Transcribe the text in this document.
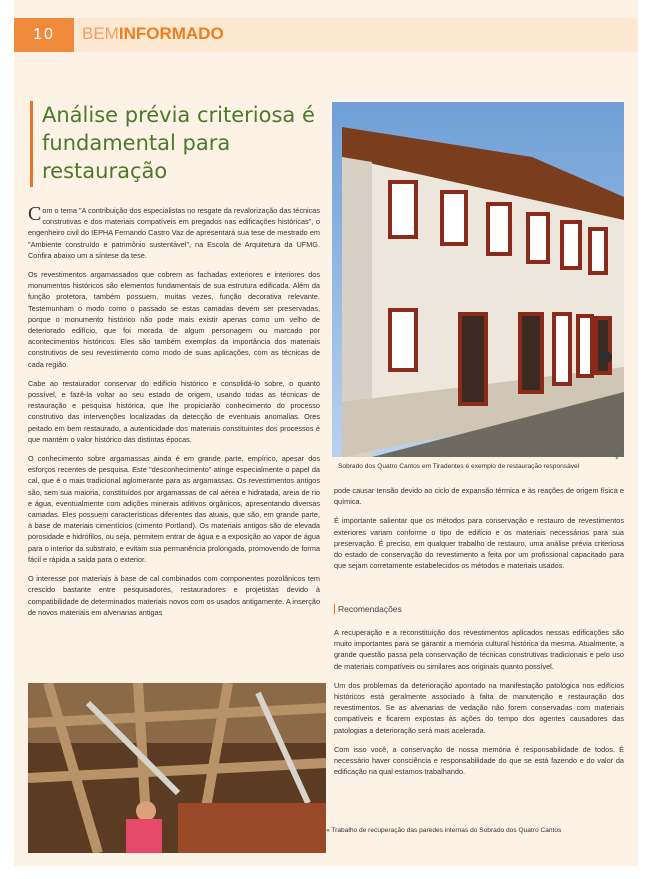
10	BEMINFORMADO
Análise prévia criteriosa é fundamental para restauração
⇑
Sobrado dos Quatro Cantos em Tiradentes é exemplo de restauração responsável

Com o tema "A contribuição dos especialistas no resgate da revalorização das técnicas construtivas e dos materiais compatíveis em pregados nas edificações históricas", o engenheiro civil do IEPHA Fernando Castro Vaz de apresentará sua tese de mestrado em "Ambiente construído e patrimônio sustentável", na Escola de Arquitetura da UFMG. Confira abaixo um a síntese da tese.

Os revestimentos argamassados que cobrem as fachadas exteriores e interiores dos monumentos históricos são elementos fundamentais de sua estrutura edificada. Além da função protetora, também possuem, muitas vezes, função decorativa relevante. Testemunham o modo como o passado se estas camadas devem ser preservadas, porque o monumento histórico não pode mais existir apenas como um velho de deteriorado edifício, que foi morada de algum personagem ou marcado por acontecimentos históricos. Eles são também exemplos da importância dos materiais construtivos de seu revestimento como modo de suas aplicações, com as técnicas de cada região.

Cabe ao restaurador conservar do edifício histórico e consolidá-lo sobre, o quanto possível, e fazê-la voltar ao seu estado de origem, usando todas as técnicas de restauração e pesquisa histórica, que lhe propiciarão conhecimento do processo construtivo das intervenções localizadas da detecção de eventuais anomalias. Ores peitado em bem restaurado, a autenticidade dos materiais constituintes dos processos é que mantém o valor histórico das distintas épocas.

O conhecimento sobre argamassas ainda é em grande parte, empírico, apesar dos esforços recentes de pesquisa. Este "desconhecimento" atinge especialmente o papel da cal, que é o mais tradicional aglomerante para as argamassas. Os revestimentos antigos são, sem sua maioria, constituídos por argamassas de cal aérea e hidratada, areia de rio e água, eventualmente com adições minerais aditivos orgânicos, apresentando diversas camadas. Eles possuem características diferentes das atuais, que são, em grande parte, à base de materiais cimentícios (cimento Portland). Os materiais antigos são de elevada porosidade e hidrófilos, ou seja, permitem entrar de água e a exposição ao vapor de água para o interior da substrato, e evitam sua permanência prolongada, promovendo de forma fácil e rápida a saída para o exterior.

O interesse por materiais à base de cal combinados com componentes pozolânicos tem crescido bastante entre pesquisadores, restauradores e projetistas devido à compatibilidade de determinados materiais novos com os usados antigamente. A inserção de novos materiais em alvenarias antigas

pode causar tensão devido ao ciclo de expansão térmica e às reações de origem física e química.

É importante salientar que os métodos para conservação e restauro de revestimentos exteriores variam conforme o tipo de edifício e os materiais necessários para sua preservação. É preciso, em qualquer trabalho de restauro, uma análise prévia criteriosa do estado de conservação do revestimento a feita por um profissional capacitado para que sejam corretamente estabelecidos os métodos e materiais usados.

Recomendações

A recuperação e a reconstituição dos revestimentos aplicados nessas edificações são muito importantes para se garantir a memória cultural histórica da mesma. Atualmente, a grande questão passa pela conservação de técnicas construtivas tradicionais e pelo uso de materiais compatíveis ou similares aos originais quanto possível.

Um dos problemas da deterioração apontado na manifestação patológica nos edifícios históricos está geralmente associado à falta de manutenção e restauração dos revestimentos. Se as alvenarias de vedação não forem conservadas com materiais compatíveis e ficarem expostas às ações do tempo dos agentes causadores das patologias a deterioração será mais acelerada.

Com isso você, a conservação de nossa memória é responsabilidade de todos. É necessário haver consciência e responsabilidade do que se está fazendo e do valor da edificação na qual estamos trabalhando.

« Trabalho de recuperação das paredes internas do Sobrado dos Quatro Cantos
